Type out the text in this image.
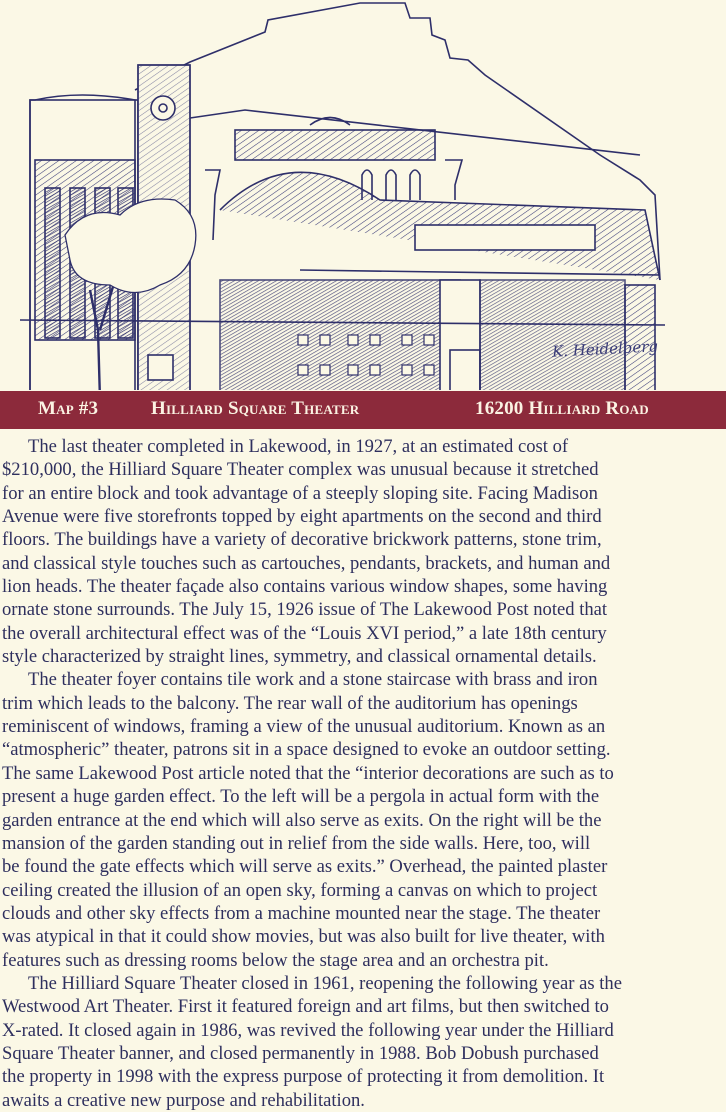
K. Heidelberg
Map #3	Hilliard Square Theater	16200 Hilliard Road

The last theater completed in Lakewood, in 1927, at an estimated cost of
$210,000, the Hilliard Square Theater complex was unusual because it stretched
for an entire block and took advantage of a steeply sloping site. Facing Madison
Avenue were five storefronts topped by eight apartments on the second and third
floors. The buildings have a variety of decorative brickwork patterns, stone trim,
and classical style touches such as cartouches, pendants, brackets, and human and
lion heads. The theater façade also contains various window shapes, some having
ornate stone surrounds. The July 15, 1926 issue of The Lakewood Post noted that
the overall architectural effect was of the “Louis XVI period,” a late 18th century
style characterized by straight lines, symmetry, and classical ornamental details.

The theater foyer contains tile work and a stone staircase with brass and iron
trim which leads to the balcony. The rear wall of the auditorium has openings
reminiscent of windows, framing a view of the unusual auditorium. Known as an
“atmospheric” theater, patrons sit in a space designed to evoke an outdoor setting.
The same Lakewood Post article noted that the “interior decorations are such as to
present a huge garden effect. To the left will be a pergola in actual form with the
garden entrance at the end which will also serve as exits. On the right will be the
mansion of the garden standing out in relief from the side walls. Here, too, will
be found the gate effects which will serve as exits.” Overhead, the painted plaster
ceiling created the illusion of an open sky, forming a canvas on which to project
clouds and other sky effects from a machine mounted near the stage. The theater
was atypical in that it could show movies, but was also built for live theater, with
features such as dressing rooms below the stage area and an orchestra pit.

The Hilliard Square Theater closed in 1961, reopening the following year as the
Westwood Art Theater. First it featured foreign and art films, but then switched to
X-rated. It closed again in 1986, was revived the following year under the Hilliard
Square Theater banner, and closed permanently in 1988. Bob Dobush purchased
the property in 1998 with the express purpose of protecting it from demolition. It
awaits a creative new purpose and rehabilitation.
